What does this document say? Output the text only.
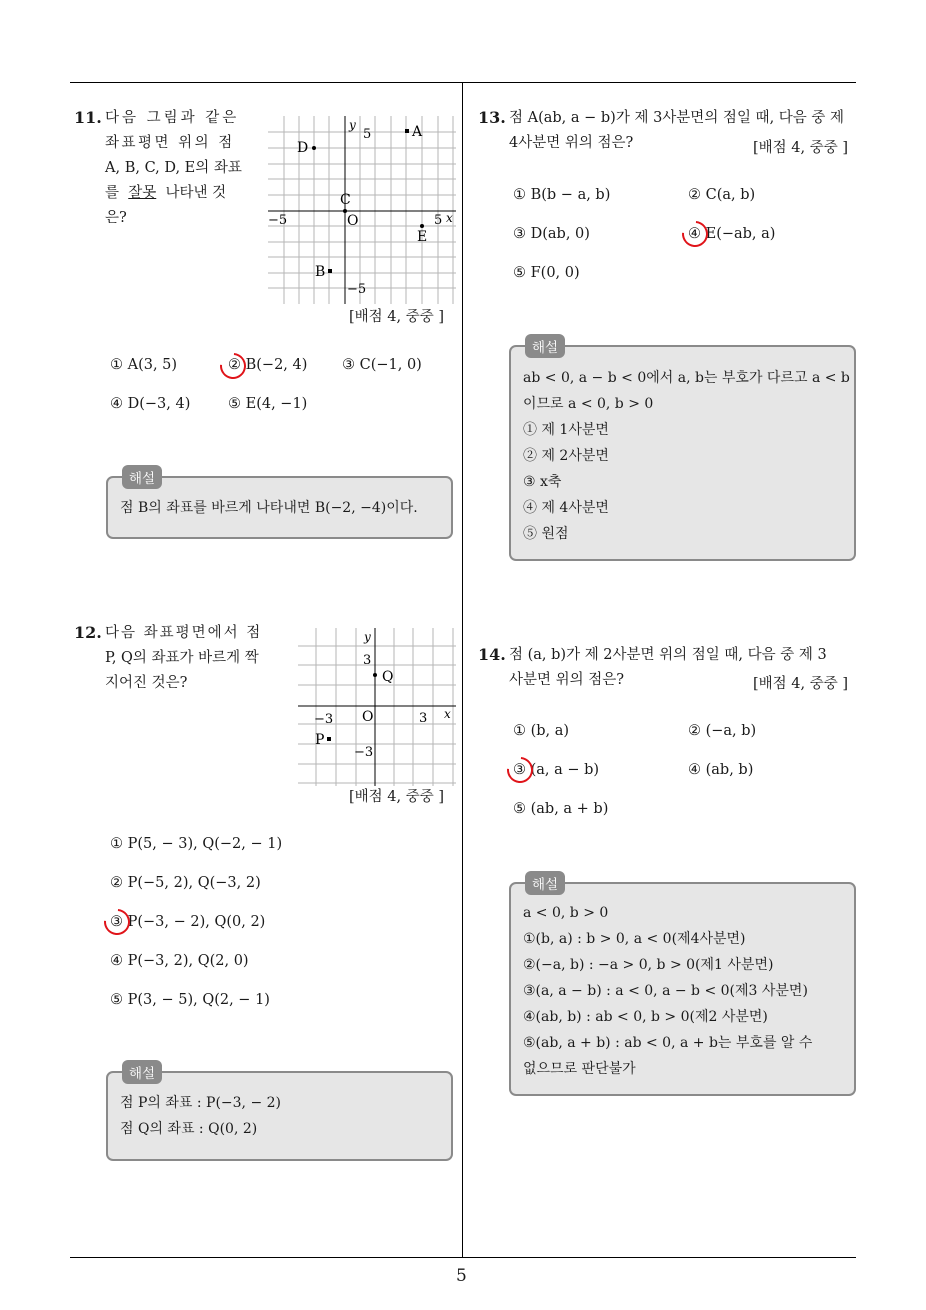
5
11. 다음 그림과 같은
좌표평면 위의 점
A, B, C, D, E의 좌표
를 잘못 나타낸 것
은?
y
x
5
−5	5
−5
O
A
D
C
E
B
[배점 4, 중중 ]
① A(3, 5)	② B(−2, 4) ③ C(−1, 0)
④ D(−3, 4)	⑤ E(4, −1)
해설
점 B의 좌표를 바르게 나타내면 B(−2, −4)이다.
12. 다음 좌표평면에서 점
P, Q의 좌표가 바르게 짝
지어진 것은?
y
x
3
−3	3
−3
O
Q
P
[배점 4, 중중 ]
① P(5, − 3), Q(−2, − 1)
② P(−5, 2), Q(−3, 2)
③ P(−3, − 2), Q(0, 2)
④ P(−3, 2), Q(2, 0)
⑤ P(3, − 5), Q(2, − 1)
해설
점 P의 좌표 : P(−3, − 2)
점 Q의 좌표 : Q(0, 2)
13. 점 A(ab, a − b)가 제 3사분면의 점일 때, 다음 중 제
4사분면 위의 점은?	[배점 4, 중중 ]
① B(b − a, b)	② C(a, b)
③ D(ab, 0)	④ E(−ab, a)
⑤ F(0, 0)
해설
ab < 0, a − b < 0에서 a, b는 부호가 다르고 a < b
이므로 a < 0, b > 0
① 제 1사분면
② 제 2사분면
③ x축
④ 제 4사분면
⑤ 원점
14. 점 (a, b)가 제 2사분면 위의 점일 때, 다음 중 제 3
사분면 위의 점은?	[배점 4, 중중 ]
① (b, a)	② (−a, b)
③ (a, a − b)	④ (ab, b)
⑤ (ab, a + b)
해설
a < 0, b > 0
①(b, a) : b > 0, a < 0(제4사분면)
②(−a, b) : −a > 0, b > 0(제1 사분면)
③(a, a − b) : a < 0, a − b < 0(제3 사분면)
④(ab, b) : ab < 0, b > 0(제2 사분면)
⑤(ab, a + b) : ab < 0, a + b는 부호를 알 수
없으므로 판단불가
